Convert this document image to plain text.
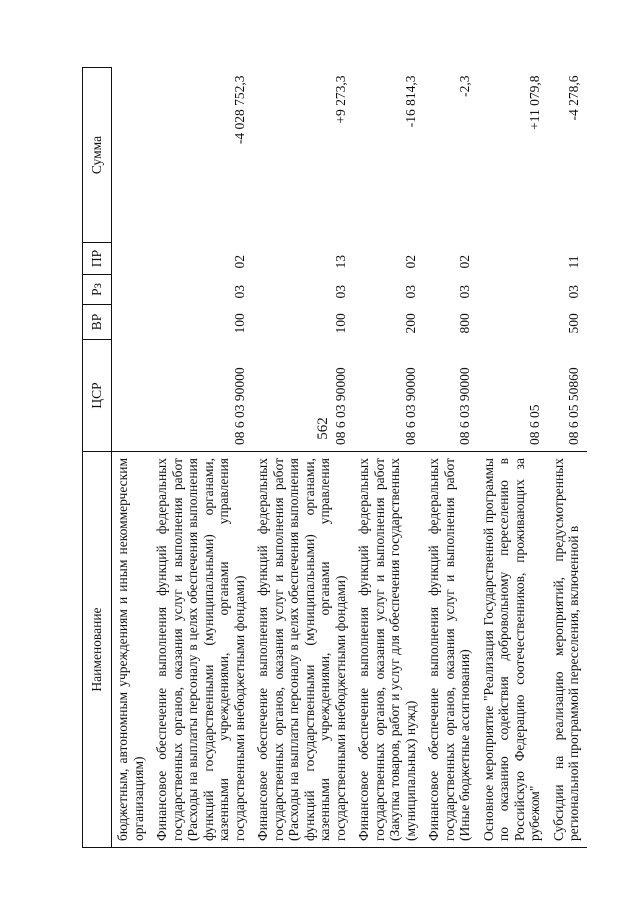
562
Наименование	ЦСР	ВР	Рз	ПР	Сумма
бюджетным, автономным учреждениям и иным некоммерческим организациям)					
Финансовое обеспечение выполнения функций федеральных государственных органов, оказания услуг и выполнения работ (Расходы на выплаты персоналу в целях обеспечения выполнения функций государственными (муниципальными) органами, казенными учреждениями, органами управления государственными внебюджетными фондами)	08 6 03 90000	100	03	02	-4 028 752,3
Финансовое обеспечение выполнения функций федеральных государственных органов, оказания услуг и выполнения работ (Расходы на выплаты персоналу в целях обеспечения выполнения функций государственными (муниципальными) органами, казенными учреждениями, органами управления государственными внебюджетными фондами)	08 6 03 90000	100	03	13	+9 273,3
Финансовое обеспечение выполнения функций федеральных государственных органов, оказания услуг и выполнения работ (Закупка товаров, работ и услуг для обеспечения государственных (муниципальных) нужд)	08 6 03 90000	200	03	02	-16 814,3
Финансовое обеспечение выполнения функций федеральных государственных органов, оказания услуг и выполнения работ (Иные бюджетные ассигнования)	08 6 03 90000	800	03	02	-2,3
Основное мероприятие "Реализация Государственной программы по оказанию содействия добровольному переселению в Российскую Федерацию соотечественников, проживающих за рубежом"	08 6 05				+11 079,8
Субсидии на реализацию мероприятий, предусмотренных региональной программой переселения, включенной в	08 6 05 50860	500	03	11	-4 278,6
